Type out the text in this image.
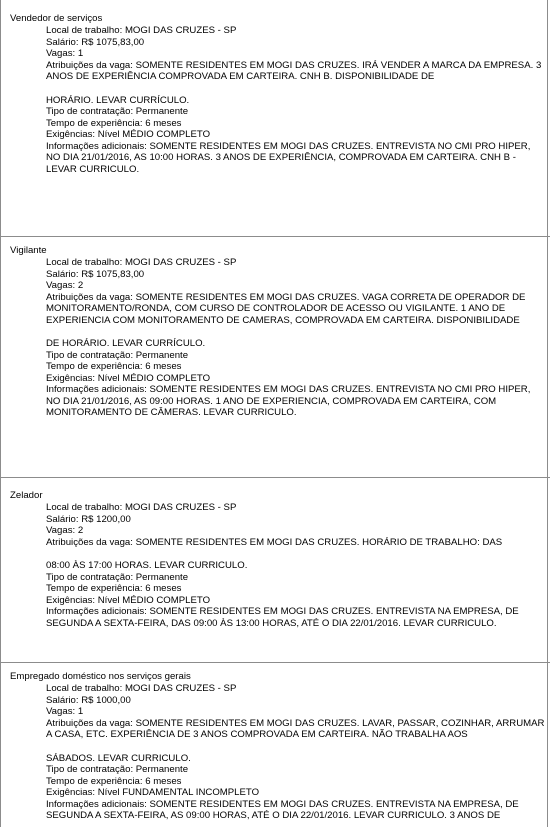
Vendedor de serviços
Local de trabalho: MOGI DAS CRUZES - SP
Salário: R$ 1075,83,00
Vagas: 1
Atribuições da vaga: SOMENTE RESIDENTES EM MOGI DAS CRUZES. IRÁ VENDER A MARCA DA EMPRESA. 3 ANOS DE EXPERIÊNCIA COMPROVADA EM CARTEIRA. CNH B. DISPONIBILIDADE DE
HORÁRIO. LEVAR CURRÍCULO.
Tipo de contratação: Permanente
Tempo de experiência: 6 meses
Exigências: Nível MÉDIO COMPLETO
Informações adicionais: SOMENTE RESIDENTES EM MOGI DAS CRUZES. ENTREVISTA NO CMI PRO HIPER, NO DIA 21/01/2016, AS 10:00 HORAS. 3 ANOS DE EXPERIÊNCIA, COMPROVADA EM CARTEIRA. CNH B - LEVAR CURRICULO.
Vigilante
Local de trabalho: MOGI DAS CRUZES - SP
Salário: R$ 1075,83,00
Vagas: 2
Atribuições da vaga: SOMENTE RESIDENTES EM MOGI DAS CRUZES. VAGA CORRETA DE OPERADOR DE MONITORAMENTO/RONDA, COM CURSO DE CONTROLADOR DE ACESSO OU VIGILANTE. 1 ANO DE EXPERIENCIA COM MONITORAMENTO DE CAMERAS, COMPROVADA EM CARTEIRA. DISPONIBILIDADE
DE HORÁRIO. LEVAR CURRÍCULO.
Tipo de contratação: Permanente
Tempo de experiência: 6 meses
Exigências: Nível MÉDIO COMPLETO
Informações adicionais: SOMENTE RESIDENTES EM MOGI DAS CRUZES. ENTREVISTA NO CMI PRO HIPER, NO DIA 21/01/2016, AS 09:00 HORAS. 1 ANO DE EXPERIENCIA, COMPROVADA EM CARTEIRA, COM MONITORAMENTO DE CÂMERAS. LEVAR CURRICULO.
Zelador
Local de trabalho: MOGI DAS CRUZES - SP
Salário: R$ 1200,00
Vagas: 2
Atribuições da vaga: SOMENTE RESIDENTES EM MOGI DAS CRUZES. HORÁRIO DE TRABALHO: DAS
08:00 ÀS 17:00 HORAS. LEVAR CURRICULO.
Tipo de contratação: Permanente
Tempo de experiência: 6 meses
Exigências: Nível MÉDIO COMPLETO
Informações adicionais: SOMENTE RESIDENTES EM MOGI DAS CRUZES. ENTREVISTA NA EMPRESA, DE SEGUNDA A SEXTA-FEIRA, DAS 09:00 ÀS 13:00 HORAS, ATÉ O DIA 22/01/2016. LEVAR CURRICULO.
Empregado doméstico nos serviços gerais
Local de trabalho: MOGI DAS CRUZES - SP
Salário: R$ 1000,00
Vagas: 1
Atribuições da vaga: SOMENTE RESIDENTES EM MOGI DAS CRUZES. LAVAR, PASSAR, COZINHAR, ARRUMAR A CASA, ETC. EXPERIÊNCIA DE 3 ANOS COMPROVADA EM CARTEIRA. NÃO TRABALHA AOS
SÁBADOS. LEVAR CURRICULO.
Tipo de contratação: Permanente
Tempo de experiência: 6 meses
Exigências: Nível FUNDAMENTAL INCOMPLETO
Informações adicionais: SOMENTE RESIDENTES EM MOGI DAS CRUZES. ENTREVISTA NA EMPRESA, DE SEGUNDA A SEXTA-FEIRA, AS 09:00 HORAS, ATÉ O DIA 22/01/2016. LEVAR CURRICULO. 3 ANOS DE
